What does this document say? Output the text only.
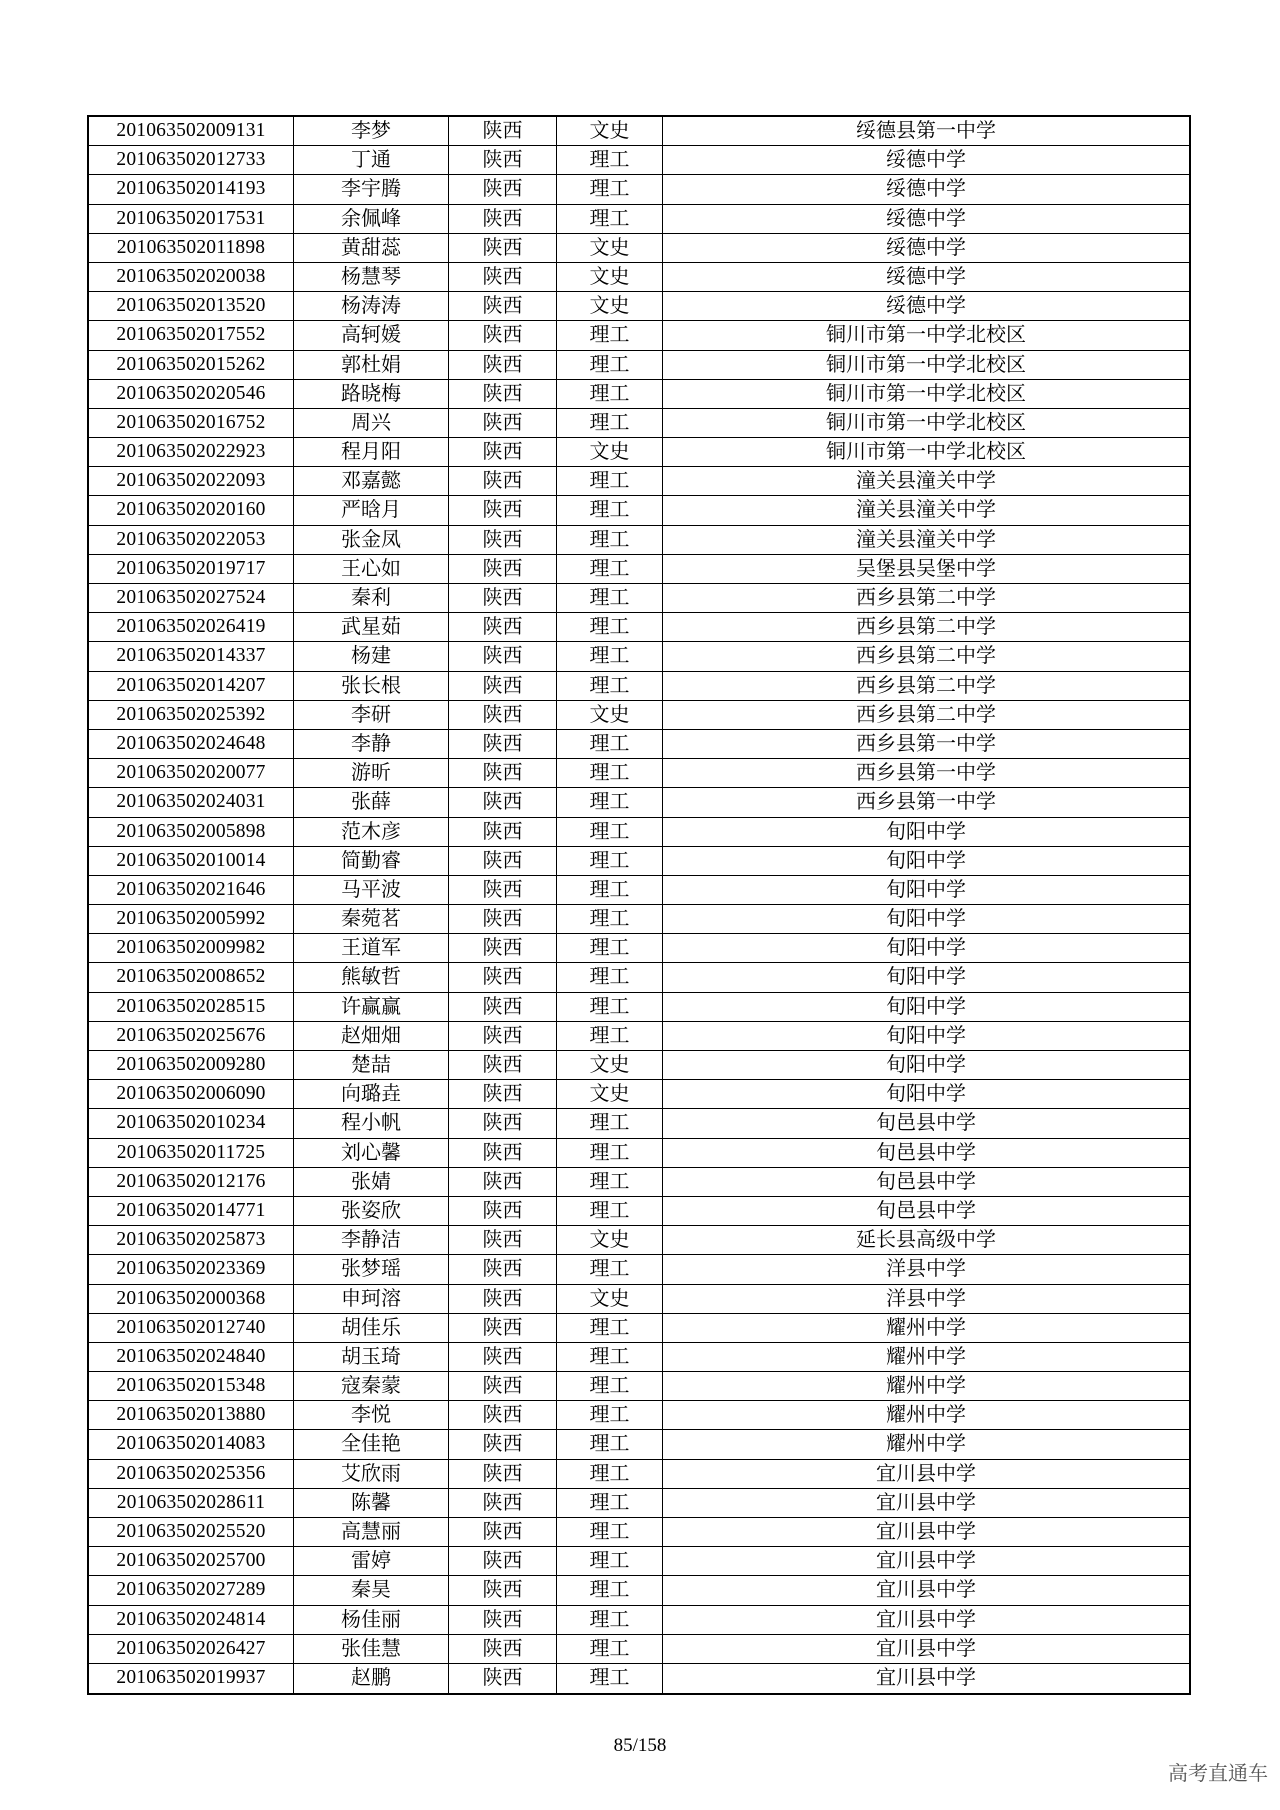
201063502009131	李梦	陕西	文史	绥德县第一中学
201063502012733	丁通	陕西	理工	绥德中学
201063502014193	李宇腾	陕西	理工	绥德中学
201063502017531	余佩峰	陕西	理工	绥德中学
201063502011898	黄甜蕊	陕西	文史	绥德中学
201063502020038	杨慧琴	陕西	文史	绥德中学
201063502013520	杨涛涛	陕西	文史	绥德中学
201063502017552	高轲媛	陕西	理工	铜川市第一中学北校区
201063502015262	郭杜娟	陕西	理工	铜川市第一中学北校区
201063502020546	路晓梅	陕西	理工	铜川市第一中学北校区
201063502016752	周兴	陕西	理工	铜川市第一中学北校区
201063502022923	程月阳	陕西	文史	铜川市第一中学北校区
201063502022093	邓嘉懿	陕西	理工	潼关县潼关中学
201063502020160	严晗月	陕西	理工	潼关县潼关中学
201063502022053	张金凤	陕西	理工	潼关县潼关中学
201063502019717	王心如	陕西	理工	吴堡县吴堡中学
201063502027524	秦利	陕西	理工	西乡县第二中学
201063502026419	武星茹	陕西	理工	西乡县第二中学
201063502014337	杨建	陕西	理工	西乡县第二中学
201063502014207	张长根	陕西	理工	西乡县第二中学
201063502025392	李研	陕西	文史	西乡县第二中学
201063502024648	李静	陕西	理工	西乡县第一中学
201063502020077	游昕	陕西	理工	西乡县第一中学
201063502024031	张薛	陕西	理工	西乡县第一中学
201063502005898	范木彦	陕西	理工	旬阳中学
201063502010014	简勤睿	陕西	理工	旬阳中学
201063502021646	马平波	陕西	理工	旬阳中学
201063502005992	秦菀茗	陕西	理工	旬阳中学
201063502009982	王道军	陕西	理工	旬阳中学
201063502008652	熊敏哲	陕西	理工	旬阳中学
201063502028515	许赢赢	陕西	理工	旬阳中学
201063502025676	赵畑畑	陕西	理工	旬阳中学
201063502009280	楚喆	陕西	文史	旬阳中学
201063502006090	向璐垚	陕西	文史	旬阳中学
201063502010234	程小帆	陕西	理工	旬邑县中学
201063502011725	刘心馨	陕西	理工	旬邑县中学
201063502012176	张婧	陕西	理工	旬邑县中学
201063502014771	张姿欣	陕西	理工	旬邑县中学
201063502025873	李静洁	陕西	文史	延长县高级中学
201063502023369	张梦瑶	陕西	理工	洋县中学
201063502000368	申珂溶	陕西	文史	洋县中学
201063502012740	胡佳乐	陕西	理工	耀州中学
201063502024840	胡玉琦	陕西	理工	耀州中学
201063502015348	寇秦蒙	陕西	理工	耀州中学
201063502013880	李悦	陕西	理工	耀州中学
201063502014083	全佳艳	陕西	理工	耀州中学
201063502025356	艾欣雨	陕西	理工	宜川县中学
201063502028611	陈馨	陕西	理工	宜川县中学
201063502025520	高慧丽	陕西	理工	宜川县中学
201063502025700	雷婷	陕西	理工	宜川县中学
201063502027289	秦昊	陕西	理工	宜川县中学
201063502024814	杨佳丽	陕西	理工	宜川县中学
201063502026427	张佳慧	陕西	理工	宜川县中学
201063502019937	赵鹏	陕西	理工	宜川县中学
85/158
高考直通车
